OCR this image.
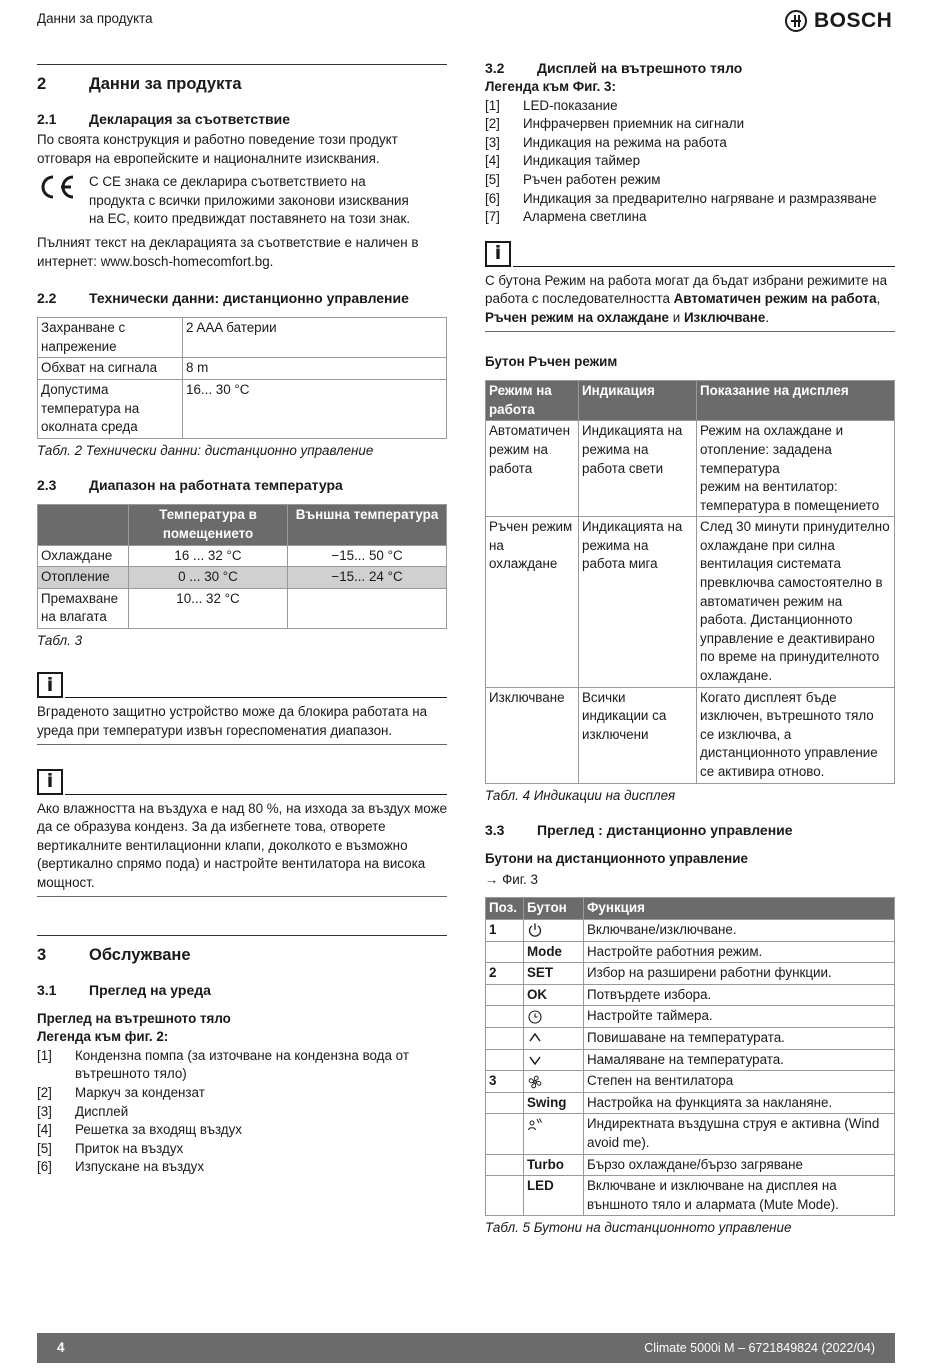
Данни за продукта	BOSCH
2	Данни за продукта
2.1	Декларация за съответствие

По своята конструкция и работно поведение този продукт отговаря на европейските и националните изисквания.

С CE знака се декларира съответствието на продукта с всички приложими законови изисквания на ЕС, които предвиждат поставянето на този знак.

Пълният текст на декларацията за съответствие е наличен в интернет: www.bosch-homecomfort.bg.

2.2	Технически данни: дистанционно управление
Захранване с напрежение	2 AAA батерии
Обхват на сигнала	8 m
Допустима температура на околната среда	16... 30 °C

Табл. 2 Технически данни: дистанционно управление

2.3	Диапазон на работната температура
	Температура в помещението	Външна температура
Охлаждане	16 ... 32 °C	−15... 50 °C
Отопление	0 ... 30 °C	−15... 24 °C
Премахване на влагата	10... 32 °C	

Табл. 3

i

Вграденото защитно устройство може да блокира работата на уреда при температури извън гореспоменатия диапазон.

i

Ако влажността на въздуха е над 80 %, на изхода за въздух може да се образува конденз. За да избегнете това, отворете вертикалните вентилационни клапи, доколкото е възможно (вертикално спрямо пода) и настройте вентилатора на висока мощност.

3	Обслужване
3.1	Преглед на уреда

Преглед на вътрешното тяло

Легенда към фиг. 2:

[1]	Кондензна помпа (за източване на кондензна вода от вътрешното тяло)
[2]	Маркуч за кондензат
[3]	Дисплей
[4]	Решетка за входящ въздух
[5]	Приток на въздух
[6]	Изпускане на въздух
3.2	Дисплей на вътрешното тяло

Легенда към Фиг. 3:

[1]	LED-показание
[2]	Инфрачервен приемник на сигнали
[3]	Индикация на режима на работа
[4]	Индикация таймер
[5]	Ръчен работен режим
[6]	Индикация за предварително нагряване и размразяване
[7]	Алармена светлина
i

С бутона Режим на работа могат да бъдат избрани режимите на работа с последователността Автоматичен режим на работа, Ръчен режим на охлаждане и Изключване.

Бутон Ръчен режим

Режим на работа	Индикация	Показание на дисплея
Автоматичен режим на работа	Индикацията на режима на работа свети	Режим на охлаждане и отопление: зададена температура
режим на вентилатор: температура в помещението
Ръчен режим на охлаждане	Индикацията на режима на работа мига	След 30 минути принудително охлаждане при силна вентилация системата превключва самостоятелно в автоматичен режим на работа. Дистанционното управление е деактивирано по време на принудителното охлаждане.
Изключване	Всички индикации са изключени	Когато дисплеят бъде изключен, вътрешното тяло се изключва, а дистанционното управление се активира отново.

Табл. 4 Индикации на дисплея

3.3	Преглед : дистанционно управление

Бутони на дистанционното управление

→ Фиг. 3

Поз.	Бутон	Функция
1		Включване/изключване.
	Mode	Настройте работния режим.
2	SET	Избор на разширени работни функции.
	OK	Потвърдете избора.
		Настройте таймера.
		Повишаване на температурата.
		Намаляване на температурата.
3		Степен на вентилатора
	Swing	Настройка на функцията за накланяне.
		Индиректната въздушна струя е активна (Wind avoid me).
	Turbo	Бързо охлаждане/бързо загряване
	LED	Включване и изключване на дисплея на външното тяло и алармата (Mute Mode).

Табл. 5 Бутони на дистанционното управление

4	Climate 5000i M – 6721849824 (2022/04)
